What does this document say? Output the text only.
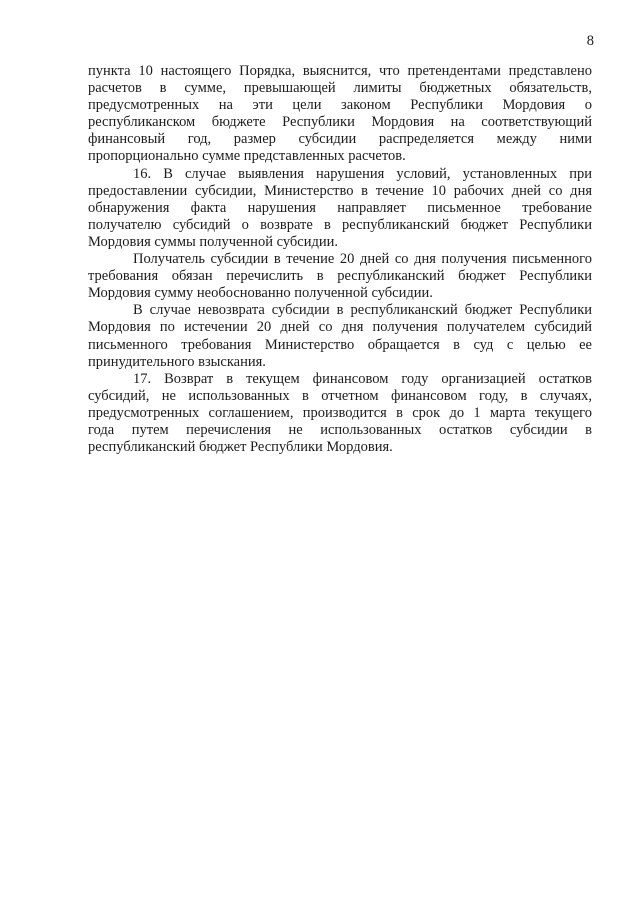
8
пункта 10 настоящего Порядка, выяснится, что претендентами представлено
расчетов в сумме, превышающей лимиты бюджетных обязательств,
предусмотренных на эти цели законом Республики Мордовия о
республиканском бюджете Республики Мордовия на соответствующий
финансовый год, размер субсидии распределяется между ними
пропорционально сумме представленных расчетов.
16. В случае выявления нарушения условий, установленных при
предоставлении субсидии, Министерство в течение 10 рабочих дней со дня
обнаружения факта нарушения направляет письменное требование
получателю субсидий о возврате в республиканский бюджет Республики
Мордовия суммы полученной субсидии.
Получатель субсидии в течение 20 дней со дня получения письменного
требования обязан перечислить в республиканский бюджет Республики
Мордовия сумму необоснованно полученной субсидии.
В случае невозврата субсидии в республиканский бюджет Республики
Мордовия по истечении 20 дней со дня получения получателем субсидий
письменного требования Министерство обращается в суд с целью ее
принудительного взыскания.
17. Возврат в текущем финансовом году организацией остатков
субсидий, не использованных в отчетном финансовом году, в случаях,
предусмотренных соглашением, производится в срок до 1 марта текущего
года путем перечисления не использованных остатков субсидии в
республиканский бюджет Республики Мордовия.
